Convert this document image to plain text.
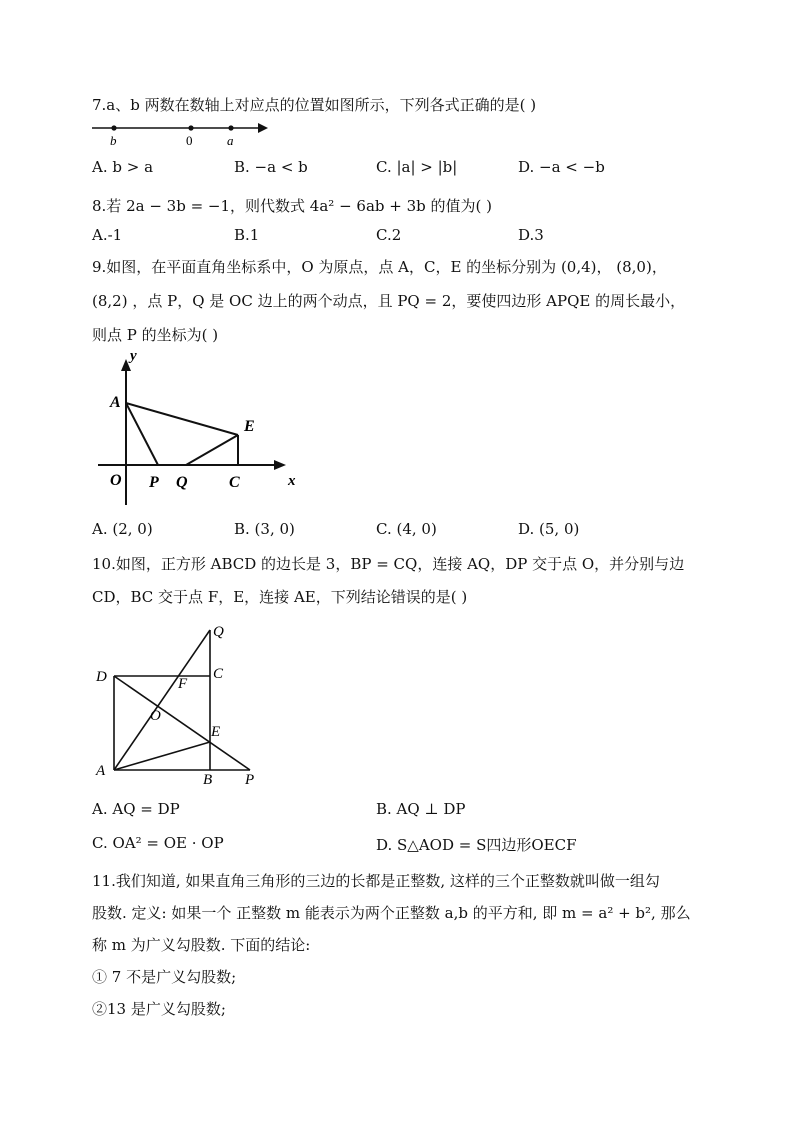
7.a、b 两数在数轴上对应点的位置如图所示，下列各式正确的是( )
b	0	a
A. b > a	B. −a < b	C. |a| > |b|	D. −a < −b
8.若 2a − 3b = −1，则代数式 4a² − 6ab + 3b 的值为( )
A.-1	B.1	C.2	D.3
9.如图，在平面直角坐标系中，O 为原点，点 A，C，E 的坐标分别为 (0,4)， (8,0)，
(8,2) ，点 P，Q 是 OC 边上的两个动点，且 PQ = 2，要使四边形 APQE 的周长最小，
则点 P 的坐标为( )
y
A
E
O P Q	C	x
A. (2, 0)	B. (3, 0)	C. (4, 0)	D. (5, 0)
10.如图，正方形 ABCD 的边长是 3，BP = CQ，连接 AQ，DP 交于点 O，并分别与边
CD，BC 交于点 F，E，连接 AE，下列结论错误的是( )
Q
D	C
F
O
E
A
B P
A. AQ = DP	B. AQ ⊥ DP
C. OA² = OE · OP	D. S△AOD = S四边形OECF
11.我们知道, 如果直角三角形的三边的长都是正整数, 这样的三个正整数就叫做一组勾
股数. 定义: 如果一个 正整数 m 能表示为两个正整数 a,b 的平方和, 即 m = a² + b², 那么
称 m 为广义勾股数. 下面的结论:
① 7 不是广义勾股数;
②13 是广义勾股数;
